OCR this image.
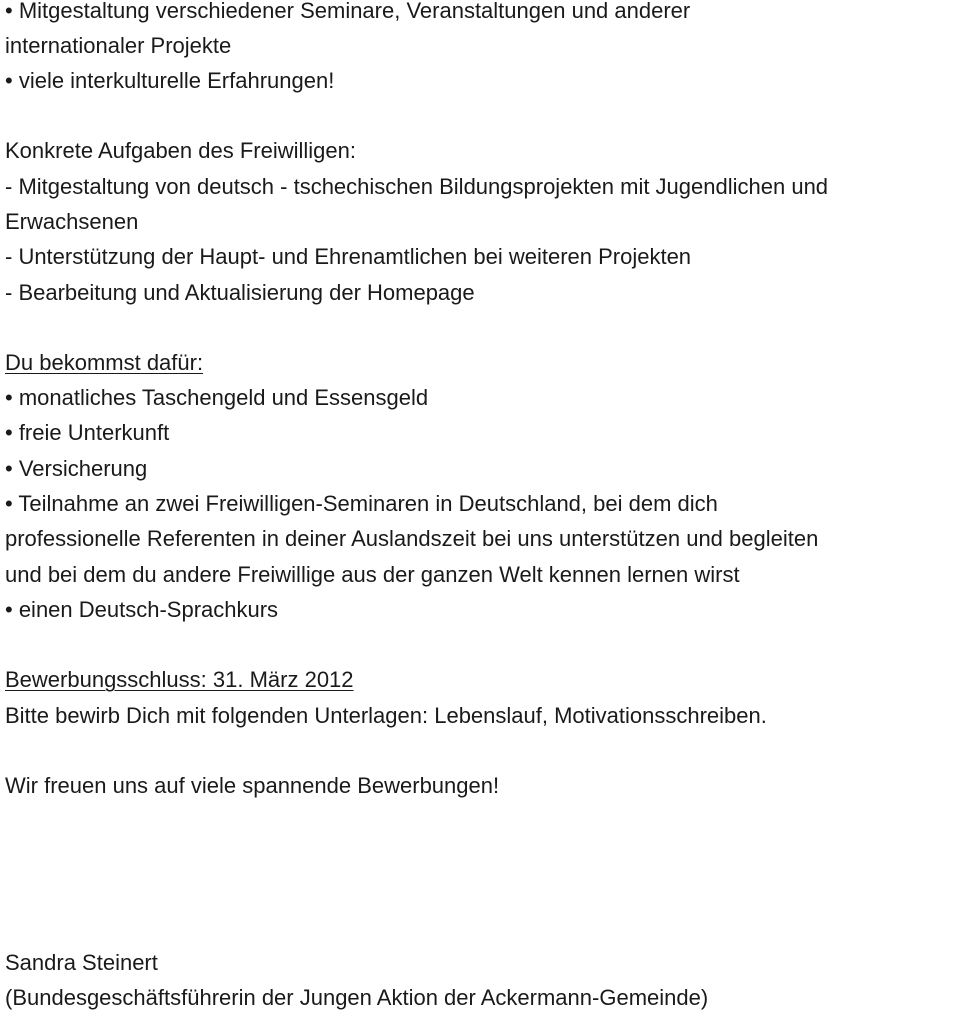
• Mitgestaltung verschiedener Seminare, Veranstaltungen und anderer
internationaler Projekte
• viele interkulturelle Erfahrungen!
Konkrete Aufgaben des Freiwilligen:
- Mitgestaltung von deutsch - tschechischen Bildungsprojekten mit Jugendlichen und
Erwachsenen
- Unterstützung der Haupt- und Ehrenamtlichen bei weiteren Projekten
- Bearbeitung und Aktualisierung der Homepage
Du bekommst dafür:
• monatliches Taschengeld und Essensgeld
• freie Unterkunft
• Versicherung
• Teilnahme an zwei Freiwilligen-Seminaren in Deutschland, bei dem dich
professionelle Referenten in deiner Auslandszeit bei uns unterstützen und begleiten
und bei dem du andere Freiwillige aus der ganzen Welt kennen lernen wirst
• einen Deutsch-Sprachkurs
Bewerbungsschluss: 31. März 2012
Bitte bewirb Dich mit folgenden Unterlagen: Lebenslauf, Motivationsschreiben.
Wir freuen uns auf viele spannende Bewerbungen!
Sandra Steinert
(Bundesgeschäftsführerin der Jungen Aktion der Ackermann-Gemeinde)
